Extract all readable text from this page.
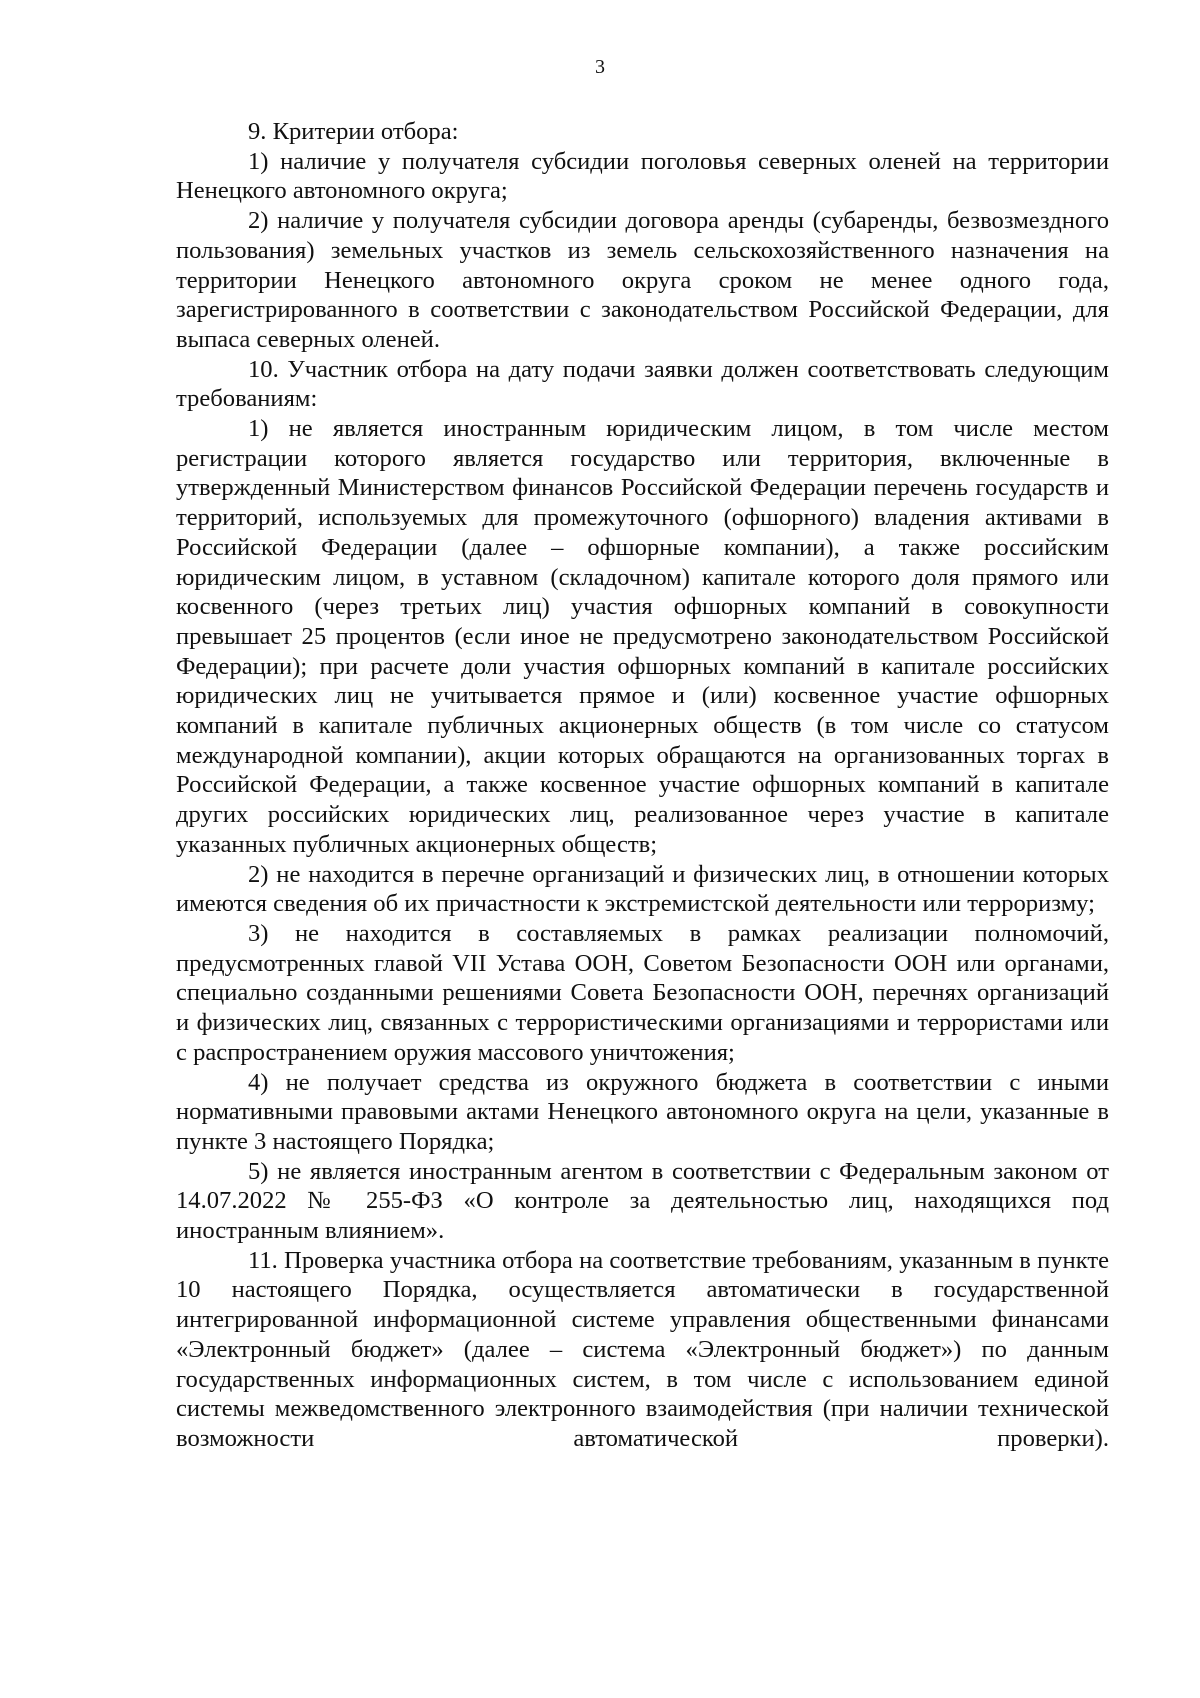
3

9. Критерии отбора:

1) наличие у получателя субсидии поголовья северных оленей на территории Ненецкого автономного округа;

2) наличие у получателя субсидии договора аренды (субаренды, безвозмездного пользования) земельных участков из земель сельскохозяйственного назначения на территории Ненецкого автономного округа сроком не менее одного года, зарегистрированного в соответствии с законодательством Российской Федерации, для выпаса северных оленей.

10. Участник отбора на дату подачи заявки должен соответствовать следующим требованиям:

1) не является иностранным юридическим лицом, в том числе местом регистрации которого является государство или территория, включенные в утвержденный Министерством финансов Российской Федерации перечень государств и территорий, используемых для промежуточного (офшорного) владения активами в Российской Федерации (далее – офшорные компании), а также российским юридическим лицом, в уставном (складочном) капитале которого доля прямого или косвенного (через третьих лиц) участия офшорных компаний в совокупности превышает 25 процентов (если иное не предусмотрено законодательством Российской Федерации); при расчете доли участия офшорных компаний в капитале российских юридических лиц не учитывается прямое и (или) косвенное участие офшорных компаний в капитале публичных акционерных обществ (в том числе со статусом международной компании), акции которых обращаются на организованных торгах в Российской Федерации, а также косвенное участие офшорных компаний в капитале других российских юридических лиц, реализованное через участие в капитале указанных публичных акционерных обществ;

2) не находится в перечне организаций и физических лиц, в отношении которых имеются сведения об их причастности к экстремистской деятельности или терроризму;

3) не находится в составляемых в рамках реализации полномочий, предусмотренных главой VII Устава ООН, Советом Безопасности ООН или органами, специально созданными решениями Совета Безопасности ООН, перечнях организаций и физических лиц, связанных с террористическими организациями и террористами или с распространением оружия массового уничтожения;

4) не получает средства из окружного бюджета в соответствии с иными нормативными правовыми актами Ненецкого автономного округа на цели, указанные в пункте 3 настоящего Порядка;

5) не является иностранным агентом в соответствии с Федеральным законом от 14.07.2022 № 255-ФЗ «О контроле за деятельностью лиц, находящихся под иностранным влиянием».

11. Проверка участника отбора на соответствие требованиям, указанным в пункте 10 настоящего Порядка, осуществляется автоматически в государственной интегрированной информационной системе управления общественными финансами «Электронный бюджет» (далее – система «Электронный бюджет») по данным государственных информационных систем, в том числе с использованием единой системы межведомственного электронного взаимодействия (при наличии технической возможности автоматической проверки).
